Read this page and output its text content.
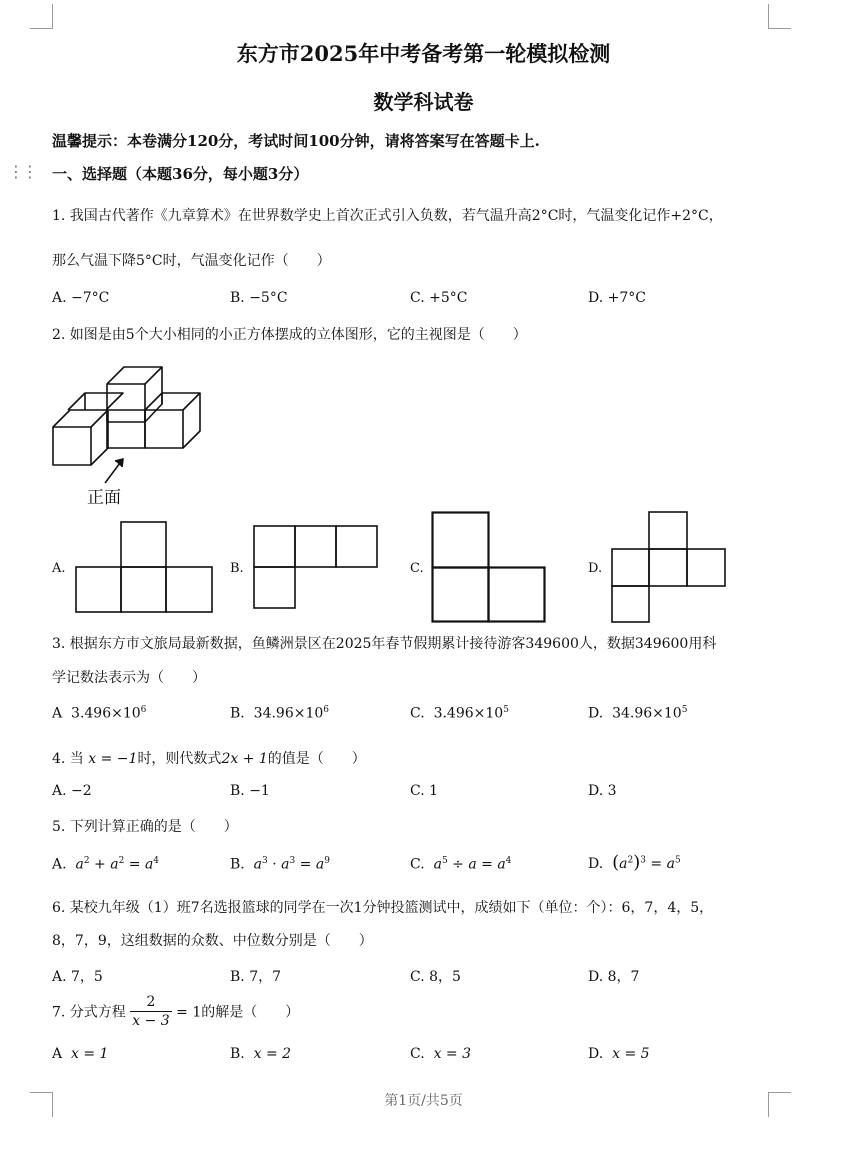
⋮⋮
东方市2025年中考备考第一轮模拟检测
数学科试卷
温馨提示：本卷满分120分，考试时间100分钟，请将答案写在答题卡上.
一、选择题（本题36分，每小题3分）
1. 我国古代著作《九章算术》在世界数学史上首次正式引入负数，若气温升高2°C时，气温变化记作+2°C，
那么气温下降5°C时，气温变化记作（　　）
A. −7°C	B. −5°C	C. +5°C	D. +7°C
2. 如图是由5个大小相同的小正方体摆成的立体图形，它的主视图是（　　）
正面
A.	B.	C.	D.
3. 根据东方市文旅局最新数据，鱼鳞洲景区在2025年春节假期累计接待游客349600人，数据349600用科
学记数法表示为（　　）
A $3.496\times 10^6$	B. $34.96\times 10^6$	C. $3.496\times 10^5$	D. $34.96\times 10^5$
4. 当 x = −1时，则代数式2x + 1的值是（　　）
A. −2	B. −1	C. 1	D. 3
5. 下列计算正确的是（　　）
A. $a^2 + a^2 = a^4$	B. $a^3 \cdot a^3 = a^9$	C. $a^5 \div a = a^4$	D. $(a^2)^3 = a^5$
6. 某校九年级（1）班7名选报篮球的同学在一次1分钟投篮测试中，成绩如下（单位：个）：6，7，4，5，
8，7，9，这组数据的众数、中位数分别是（　　）
A. 7，5	B. 7，7	C. 8，5	D. 8，7
7. 分式方程 $\frac{2}{x - 3} = 1$的解是（　　）
A x = 1	B. x = 2	C. x = 3	D. x = 5
第1页/共5页
